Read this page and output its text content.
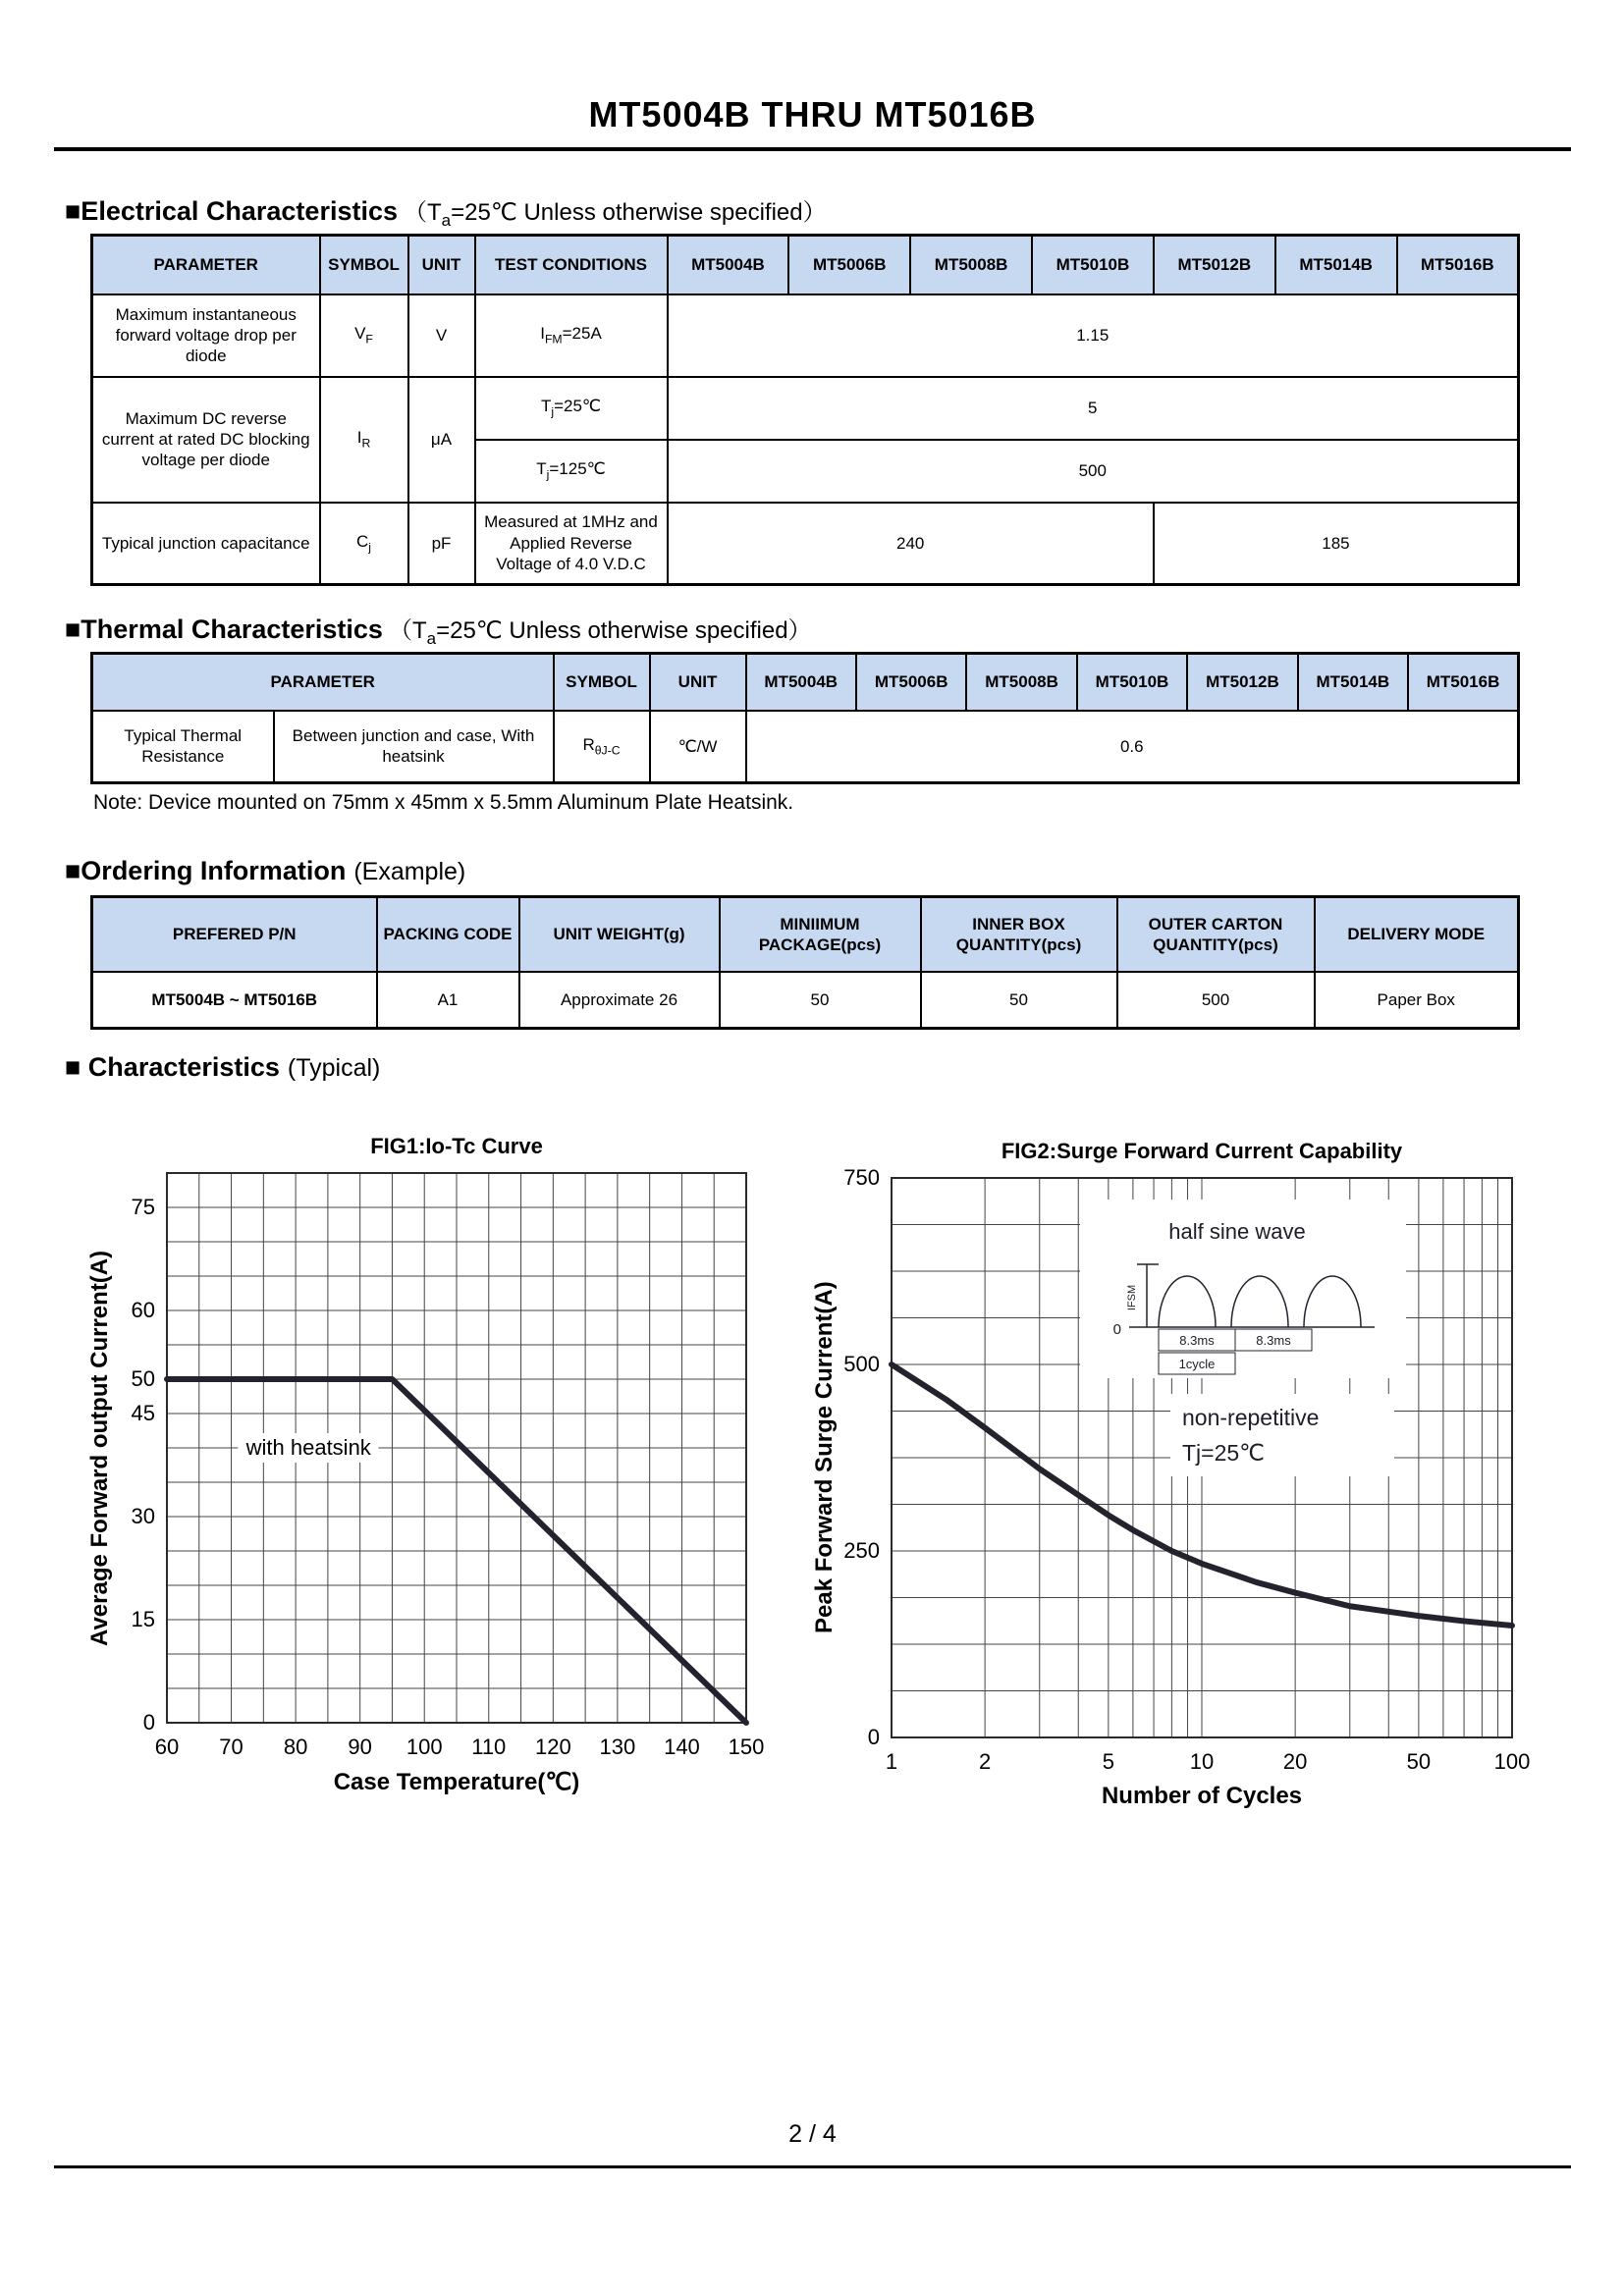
MT5004B THRU MT5016B
■Electrical Characteristics （$T_a=25℃$ Unless otherwise specified）
PARAMETER	SYMBOL	UNIT	TEST CONDITIONS	MT5004B	MT5006B	MT5008B	MT5010B	MT5012B	MT5014B	MT5016B
Maximum instantaneous forward voltage drop per diode	$V_F$	V	$I_{FM}=25A$	1.15						
Maximum DC reverse current at rated DC blocking voltage per diode	$I_R$	μA	$T_j=25℃$	5						
			$T_j=125℃$	500						
Typical junction capacitance	$C_j$	pF	Measured at 1MHz and Applied Reverse Voltage of 4.0 V.D.C	240				185		
■Thermal Characteristics （$T_a=25℃$ Unless otherwise specified）
PARAMETER		SYMBOL	UNIT	MT5004B	MT5006B	MT5008B	MT5010B	MT5012B	MT5014B	MT5016B
Typical Thermal Resistance	Between junction and case, With heatsink	$R_{\theta J-C}$	℃/W	0.6						
Note: Device mounted on 75mm x 45mm x 5.5mm Aluminum Plate Heatsink.
■Ordering Information (Example)
PREFERED P/N	PACKING CODE	UNIT WEIGHT(g)	MINIIMUM PACKAGE(pcs)	INNER BOX QUANTITY(pcs)	OUTER CARTON QUANTITY(pcs)	DELIVERY MODE
MT5004B ~ MT5016B	A1	Approximate 26	50	50	500	Paper Box
■ Characteristics (Typical)
FIG1:Io-Tc Curve
Case Temperature(℃)
Average Forward output Current(A)
60	70	80	90	100	110	120	130	140	150
0
15
30
45
50
60
75
with heatsink
half sine wave
IFSM
0
8.3ms	8.3ms
1cycle
non-repetitive
Tj=25℃
FIG2:Surge Forward Current Capability
Number of Cycles
Peak Forward Surge Current(A)
1	2	5	10	20	50	100
0
250
500
750
2 / 4
